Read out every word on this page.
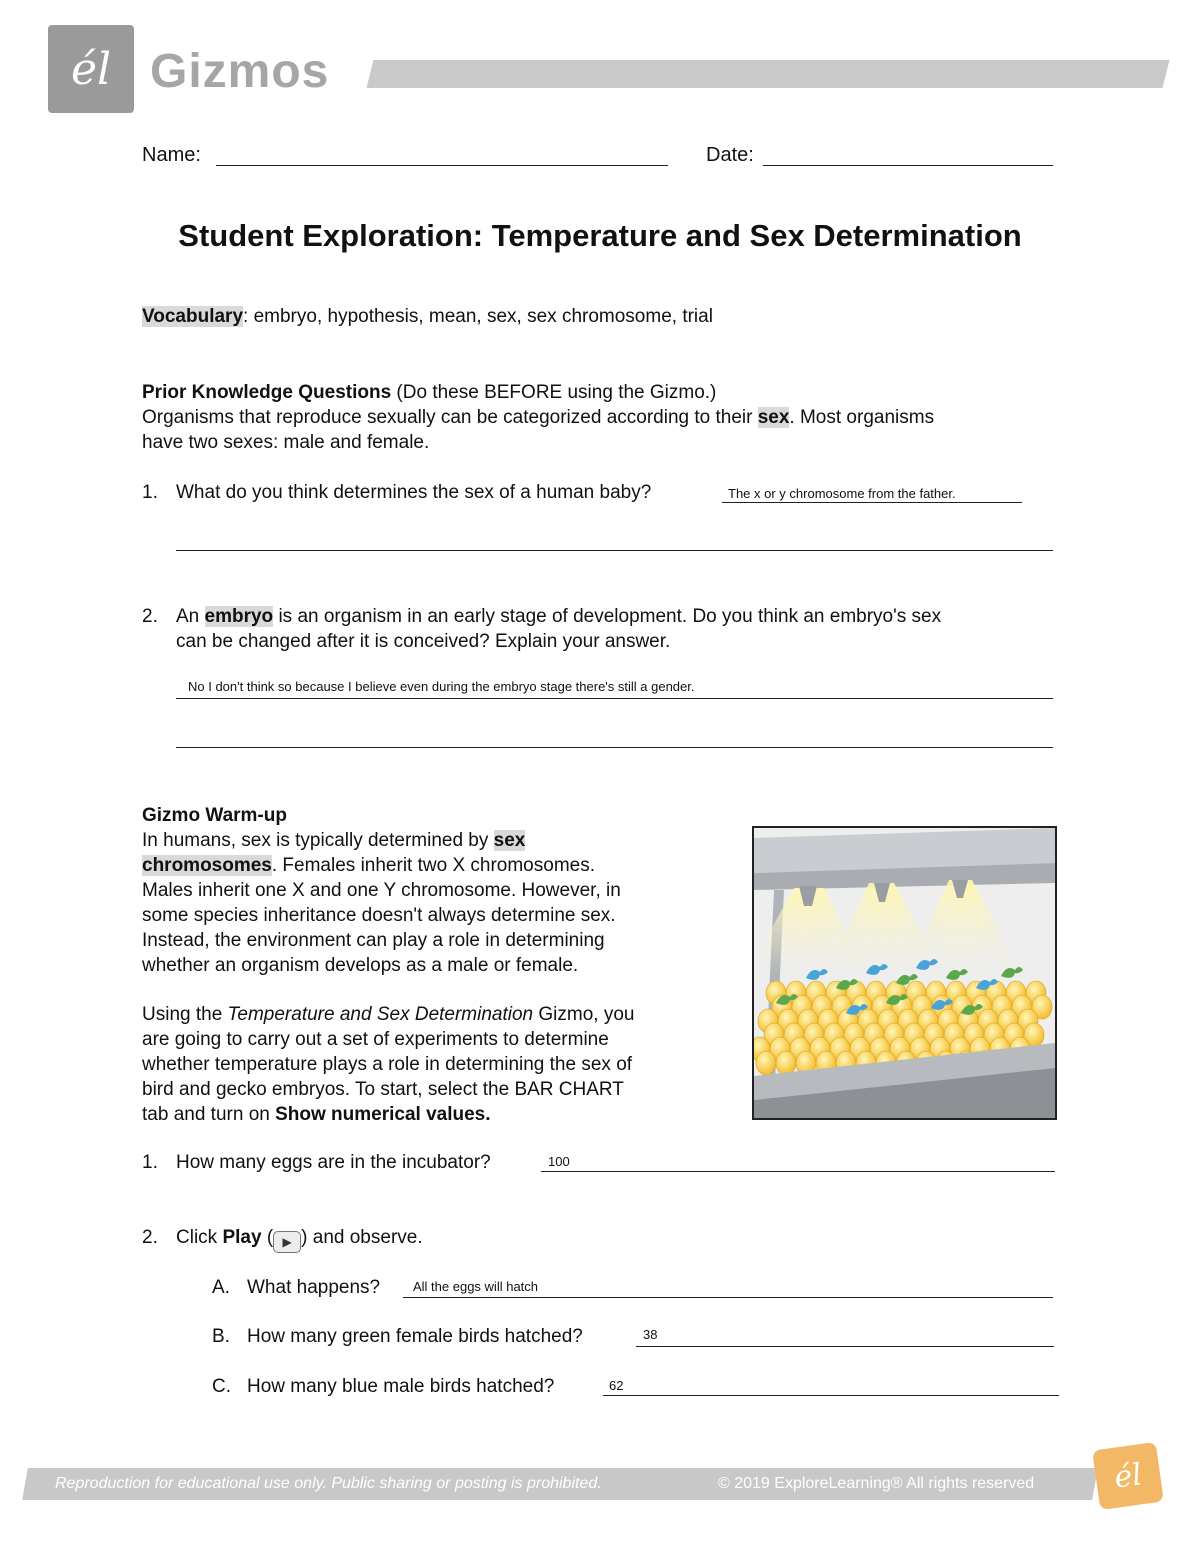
él Gizmos
Name:	Date:
Student Exploration: Temperature and Sex Determination
Vocabulary: embryo, hypothesis, mean, sex, sex chromosome, trial
Prior Knowledge Questions (Do these BEFORE using the Gizmo.)
Organisms that reproduce sexually can be categorized according to their sex. Most organisms
have two sexes: male and female.
1. What do you think determines the sex of a human baby?	The x or y chromosome from the father.
2. An embryo is an organism in an early stage of development. Do you think an embryo's sex
can be changed after it is conceived? Explain your answer.
No I don't think so because I believe even during the embryo stage there's still a gender.
Gizmo Warm-up
In humans, sex is typically determined by sex
chromosomes. Females inherit two X chromosomes.
Males inherit one X and one Y chromosome. However, in
some species inheritance doesn't always determine sex.
Instead, the environment can play a role in determining
whether an organism develops as a male or female.
Using the Temperature and Sex Determination Gizmo, you
are going to carry out a set of experiments to determine
whether temperature plays a role in determining the sex of
bird and gecko embryos. To start, select the BAR CHART
tab and turn on Show numerical values.
1. How many eggs are in the incubator?	100
2. Click Play ( ▶ ) and observe.
A. What happens?	All the eggs will hatch
B. How many green female birds hatched?	38
C. How many blue male birds hatched?	62
Reproduction for educational use only. Public sharing or posting is prohibited.	© 2019 ExploreLearning® All rights reserved	él
